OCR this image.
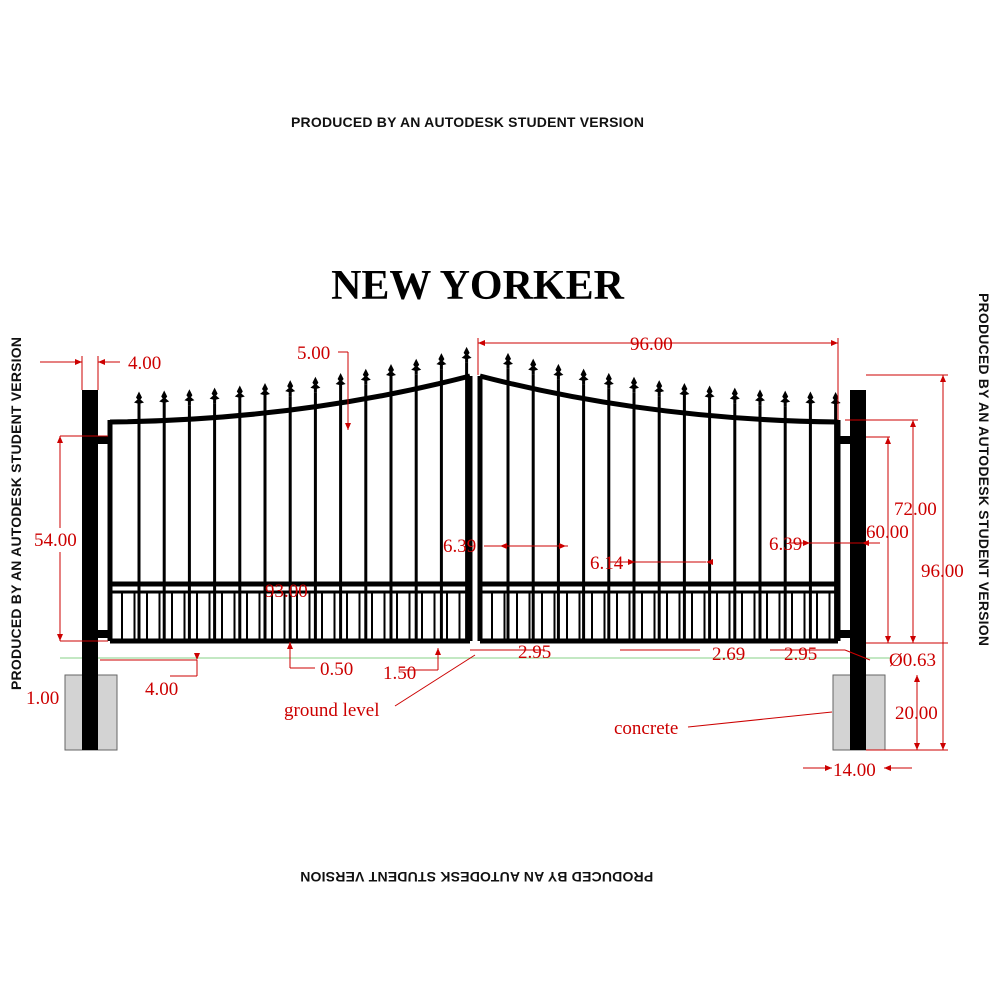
PRODUCED BY AN AUTODESK STUDENT VERSION
PRODUCED BY AN AUTODESK STUDENT VERSION
PRODUCED BY AN AUTODESK STUDENT VERSION	PRODUCED BY AN AUTODESK STUDENT VERSION
NEW YORKER
4.00	5.00	96.00
54.00	6.39
6.14
6.39
93.00
72.00
60.00
96.00
1.00	4.00
0.50 1.50
2.95	2.69 2.95	Ø0.63
20.00
14.00
ground level
concrete
